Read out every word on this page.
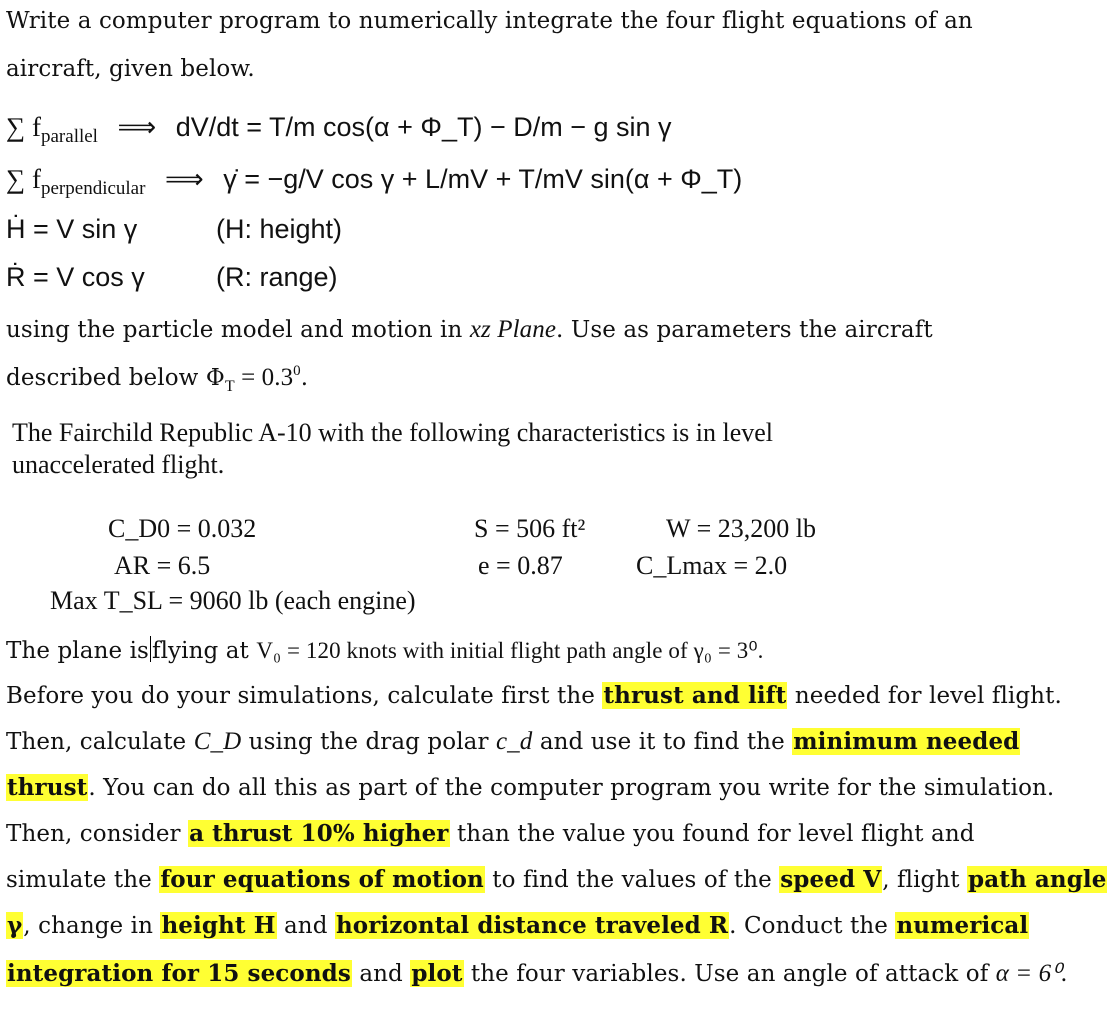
Write a computer program to numerically integrate the four flight equations of an
aircraft, given below.
∑ $f_{parallel}$ ⟹ dV/dt = T/m cos(α + Φ_T) − D/m − g sin γ
∑ $f_{perpendicular}$ ⟹ γ̇ = −g/V cos γ + L/mV + T/mV sin(α + Φ_T)
Ḣ = V sin γ	(H: height)
Ṙ = V cos γ	(R: range)
using the particle model and motion in xz Plane. Use as parameters the aircraft
described below $\Phi_T = 0.3^0$.
The Fairchild Republic A-10 with the following characteristics is in level
unaccelerated flight.
C_D0 = 0.032
AR = 6.5
S = 506 ft²
e = 0.87
W = 23,200 lb
C_Lmax = 2.0
Max T_SL = 9060 lb (each engine)
The plane is flying at V₀ = 120 knots with initial flight path angle of γ₀ = 3⁰.
Before you do your simulations, calculate first the thrust and lift needed for level flight.
Then, calculate C_D using the drag polar c_d and use it to find the minimum needed
thrust. You can do all this as part of the computer program you write for the simulation.
Then, consider a thrust 10% higher than the value you found for level flight and
simulate the four equations of motion to find the values of the speed V, flight path angle
γ, change in height H and horizontal distance traveled R. Conduct the numerical
integration for 15 seconds and plot the four variables. Use an angle of attack of α = 6⁰.
